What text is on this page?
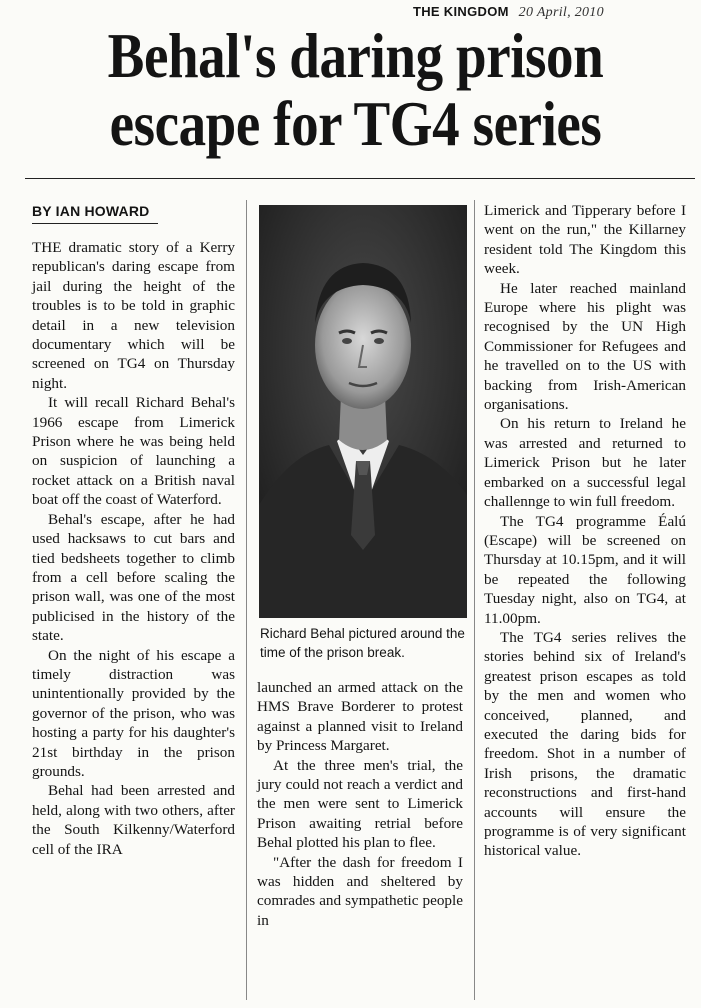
THE KINGDOM 20 April, 2010
Behal's daring prison
escape for TG4 series
BY IAN HOWARD

THE dramatic story of a Kerry republican's daring escape from jail during the height of the troubles is to be told in graphic detail in a new television documentary which will be screened on TG4 on Thursday night.

It will recall Richard Behal's 1966 escape from Limerick Prison where he was being held on suspicion of launching a rocket attack on a British naval boat off the coast of Waterford.

Behal's escape, after he had used hacksaws to cut bars and tied bedsheets together to climb from a cell before scaling the prison wall, was one of the most publicised in the history of the state.

On the night of his escape a timely distraction was unintentionally provided by the governor of the prison, who was hosting a party for his daughter's 21st birthday in the prison grounds.

Behal had been arrested and held, along with two others, after the South Kilkenny/Waterford cell of the IRA

Richard Behal pictured around the time of the prison break.

launched an armed attack on the HMS Brave Borderer to protest against a planned visit to Ireland by Princess Margaret.

At the three men's trial, the jury could not reach a verdict and the men were sent to Limerick Prison awaiting retrial before Behal plotted his plan to flee.

"After the dash for freedom I was hidden and sheltered by comrades and sympathetic people in

Limerick and Tipperary before I went on the run," the Killarney resident told The Kingdom this week.

He later reached mainland Europe where his plight was recognised by the UN High Commissioner for Refugees and he travelled on to the US with backing from Irish-American organisations.

On his return to Ireland he was arrested and returned to Limerick Prison but he later embarked on a successful legal challennge to win full freedom.

The TG4 programme Éalú (Escape) will be screened on Thursday at 10.15pm, and it will be repeated the following Tuesday night, also on TG4, at 11.00pm.

The TG4 series relives the stories behind six of Ireland's greatest prison escapes as told by the men and women who conceived, planned, and executed the daring bids for freedom. Shot in a number of Irish prisons, the dramatic reconstructions and first-hand accounts will ensure the programme is of very significant historical value.
